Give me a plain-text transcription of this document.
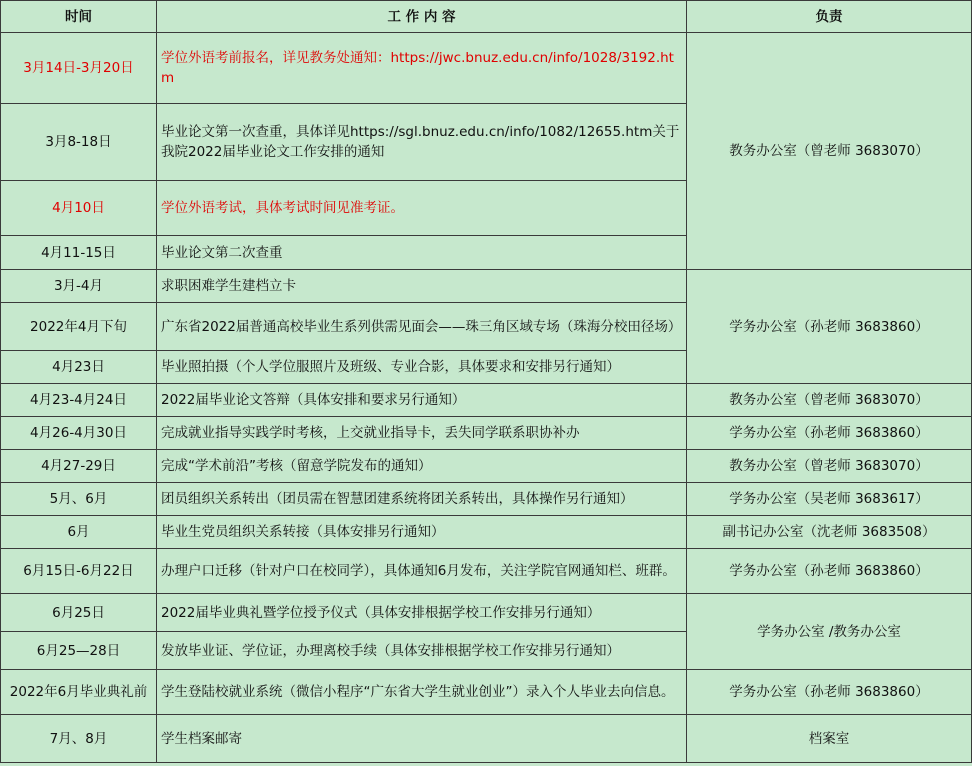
时间	工 作 内 容	负责
3月14日-3月20日	学位外语考前报名，详见教务处通知：https://jwc.bnuz.edu.cn/info/1028/3192.htm	教务办公室（曾老师 3683070）
3月8-18日	毕业论文第一次查重，具体详见https://sgl.bnuz.edu.cn/info/1082/12655.htm关于我院2022届毕业论文工作安排的通知	
4月10日	学位外语考试，具体考试时间见准考证。	
4月11-15日	毕业论文第二次查重	
3月-4月	求职困难学生建档立卡	学务办公室（孙老师 3683860）
2022年4月下旬	广东省2022届普通高校毕业生系列供需见面会——珠三角区域专场（珠海分校田径场）	
4月23日	毕业照拍摄（个人学位服照片及班级、专业合影，具体要求和安排另行通知）	
4月23-4月24日	2022届毕业论文答辩（具体安排和要求另行通知）	教务办公室（曾老师 3683070）
4月26-4月30日	完成就业指导实践学时考核，上交就业指导卡，丢失同学联系职协补办	学务办公室（孙老师 3683860）
4月27-29日	完成“学术前沿”考核（留意学院发布的通知）	教务办公室（曾老师 3683070）
5月、6月	团员组织关系转出（团员需在智慧团建系统将团关系转出，具体操作另行通知）	学务办公室（吴老师 3683617）
6月	毕业生党员组织关系转接（具体安排另行通知）	副书记办公室（沈老师 3683508）
6月15日-6月22日	办理户口迁移（针对户口在校同学），具体通知6月发布，关注学院官网通知栏、班群。	学务办公室（孙老师 3683860）
6月25日	2022届毕业典礼暨学位授予仪式（具体安排根据学校工作安排另行通知）	学务办公室 /教务办公室
6月25—28日	发放毕业证、学位证，办理离校手续（具体安排根据学校工作安排另行通知）	
2022年6月毕业典礼前	学生登陆校就业系统（微信小程序“广东省大学生就业创业”）录入个人毕业去向信息。	学务办公室（孙老师 3683860）
7月、8月	学生档案邮寄	档案室
